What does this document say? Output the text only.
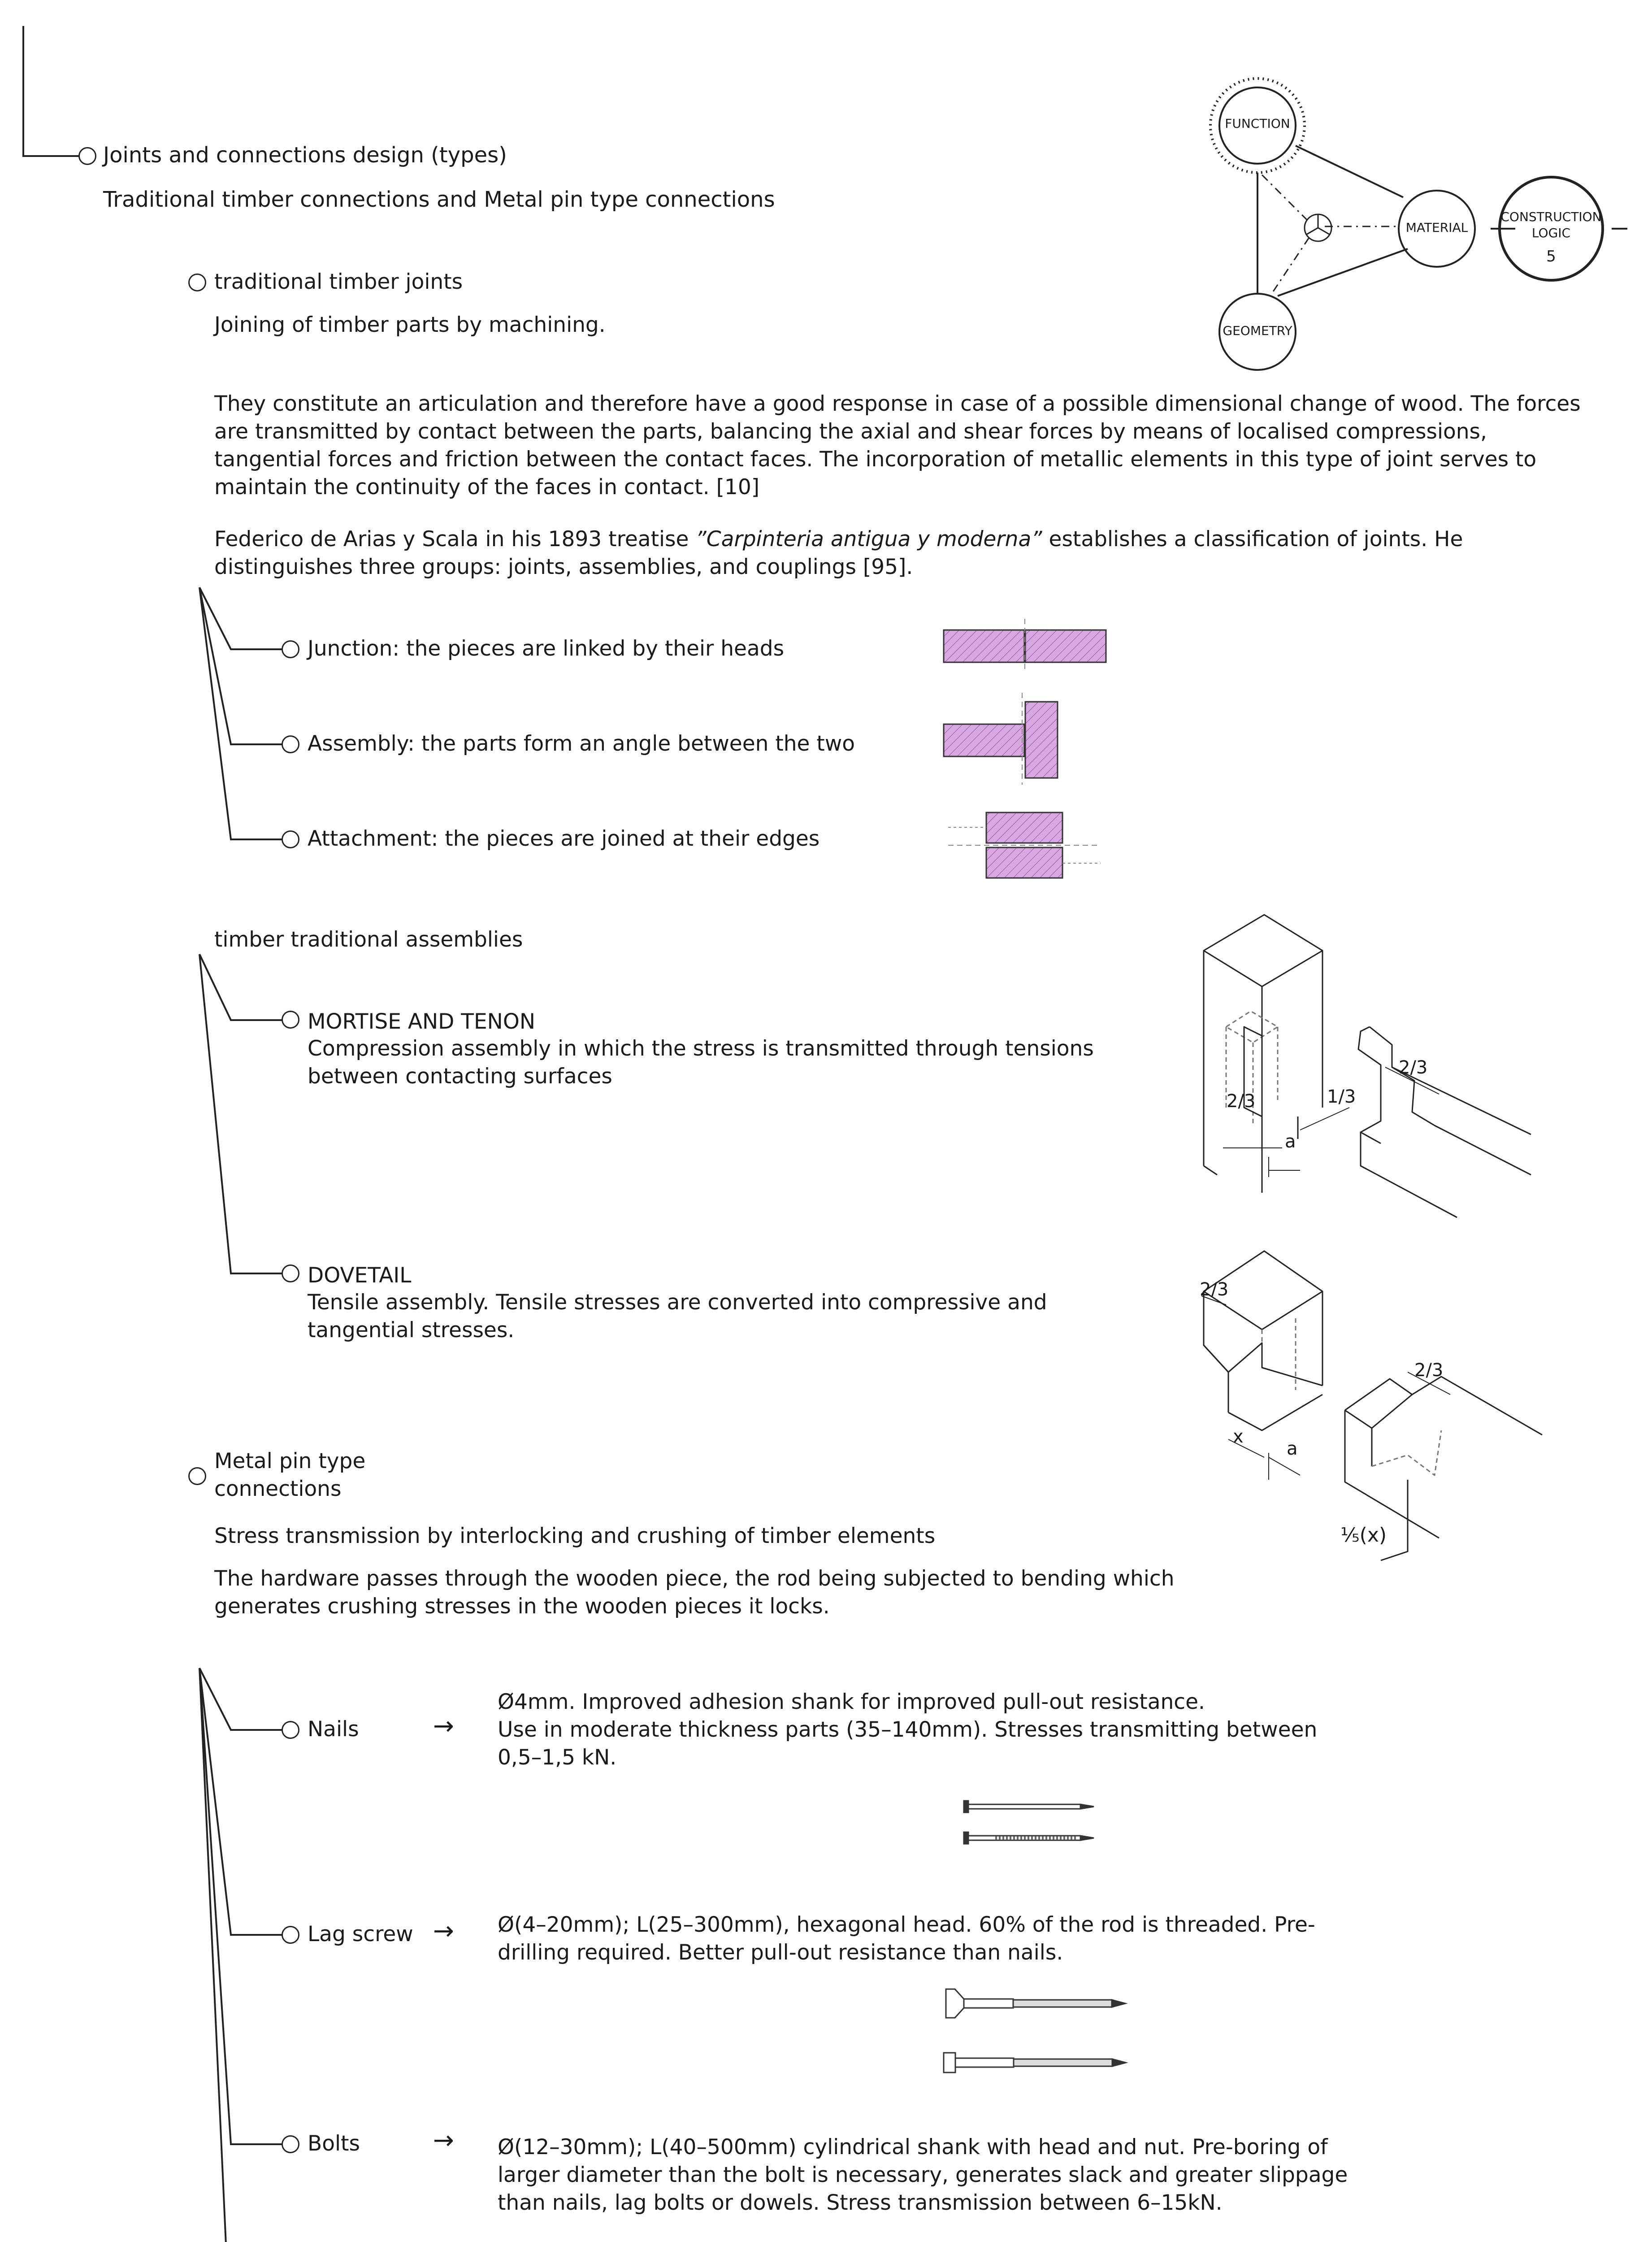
FUNCTION
MATERIAL
CONSTRUCTION
LOGIC
5
GEOMETRY
Joints and connections design (types)
Traditional timber connections and Metal pin type connections
traditional timber joints
Joining of timber parts by machining.
They constitute an articulation and therefore have a good response in case of a possible dimensional change of wood. The forces are transmitted by contact between the parts, balancing the axial and shear forces by means of localised compressions, tangential forces and friction between the contact faces. The incorporation of metallic elements in this type of joint serves to maintain the continuity of the faces in contact. [10]
Federico de Arias y Scala in his 1893 treatise ”Carpinteria antigua y moderna” establishes a classification of joints. He distinguishes three groups: joints, assemblies, and couplings [95].
Junction: the pieces are linked by their heads
Assembly: the parts form an angle between the two
Attachment: the pieces are joined at their edges
timber traditional assemblies
MORTISE AND TENON
Compression assembly in which the stress is transmitted through tensions between contacting surfaces
DOVETAIL
Tensile assembly. Tensile stresses are converted into compressive and tangential stresses.
2/3	1/3
2/3
a
2/3
2/3
x
a
⅕(x)
Metal pin type
connections
Stress transmission by interlocking and crushing of timber elements
The hardware passes through the wooden piece, the rod being subjected to bending which generates crushing stresses in the wooden pieces it locks.
Nails	→
Ø4mm. Improved adhesion shank for improved pull-out resistance.
Use in moderate thickness parts (35–140mm). Stresses transmitting between 0,5–1,5 kN.
Lag screw → Ø(4–20mm); L(25–300mm), hexagonal head. 60% of the rod is threaded. Pre-drilling required. Better pull-out resistance than nails.
Bolts	→ Ø(12–30mm); L(40–500mm) cylindrical shank with head and nut. Pre-boring of larger diameter than the bolt is necessary, generates slack and greater slippage than nails, lag bolts or dowels. Stress transmission between 6–15kN.
